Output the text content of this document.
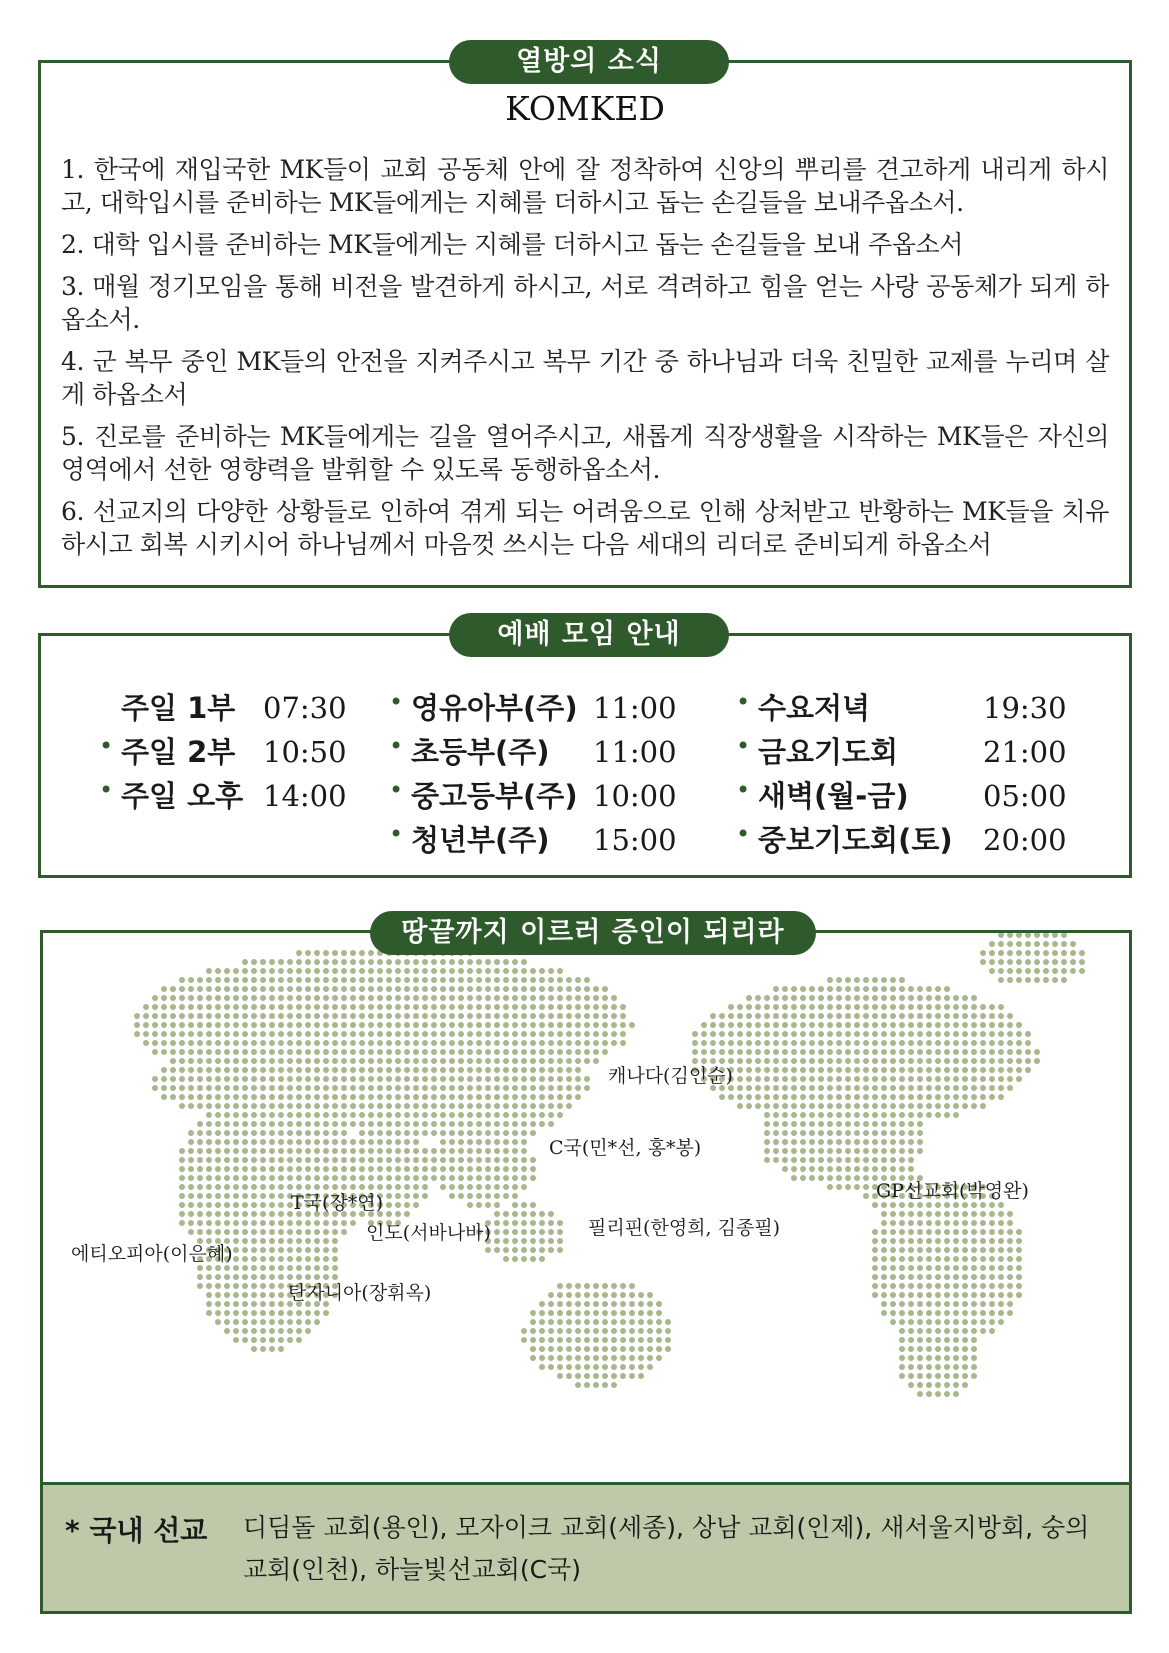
열방의 소식
KOMKED

1. 한국에 재입국한 MK들이 교회 공동체 안에 잘 정착하여 신앙의 뿌리를 견고하게 내리게 하시고, 대학입시를 준비하는 MK들에게는 지혜를 더하시고 돕는 손길들을 보내주옵소서.

2. 대학 입시를 준비하는 MK들에게는 지혜를 더하시고 돕는 손길들을 보내 주옵소서

3. 매월 정기모임을 통해 비전을 발견하게 하시고, 서로 격려하고 힘을 얻는 사랑 공동체가 되게 하옵소서.

4. 군 복무 중인 MK들의 안전을 지켜주시고 복무 기간 중 하나님과 더욱 친밀한 교제를 누리며 살게 하옵소서

5. 진로를 준비하는 MK들에게는 길을 열어주시고, 새롭게 직장생활을 시작하는 MK들은 자신의 영역에서 선한 영향력을 발휘할 수 있도록 동행하옵소서.

6. 선교지의 다양한 상황들로 인하여 겪게 되는 어려움으로 인해 상처받고 반황하는 MK들을 치유하시고 회복 시키시어 하나님께서 마음껏 쓰시는 다음 세대의 리더로 준비되게 하옵소서

예배 모임 안내
주일 1부 07:30
• 주일 2부 10:50
• 주일 오후 14:00
• 영유아부(주) 11:00
• 초등부(주) 11:00
• 중고등부(주) 10:00
• 청년부(주) 15:00
• 수요저녁	19:30
• 금요기도회	21:00
• 새벽(월-금)	05:00
• 중보기도회(토) 20:00
땅끝까지 이르러 증인이 되리라
캐나다(김인순)
C국(민*선, 홍*봉)
GP선교회(박영완)
T국(장*연)
인도(서바나바)	필리핀(한영희, 김종필)
에티오피아(이은혜)
탄자니아(장휘옥)
* 국내 선교 디딤돌 교회(용인), 모자이크 교회(세종), 상남 교회(인제), 새서울지방회, 숭의 교회(인천), 하늘빛선교회(C국)
